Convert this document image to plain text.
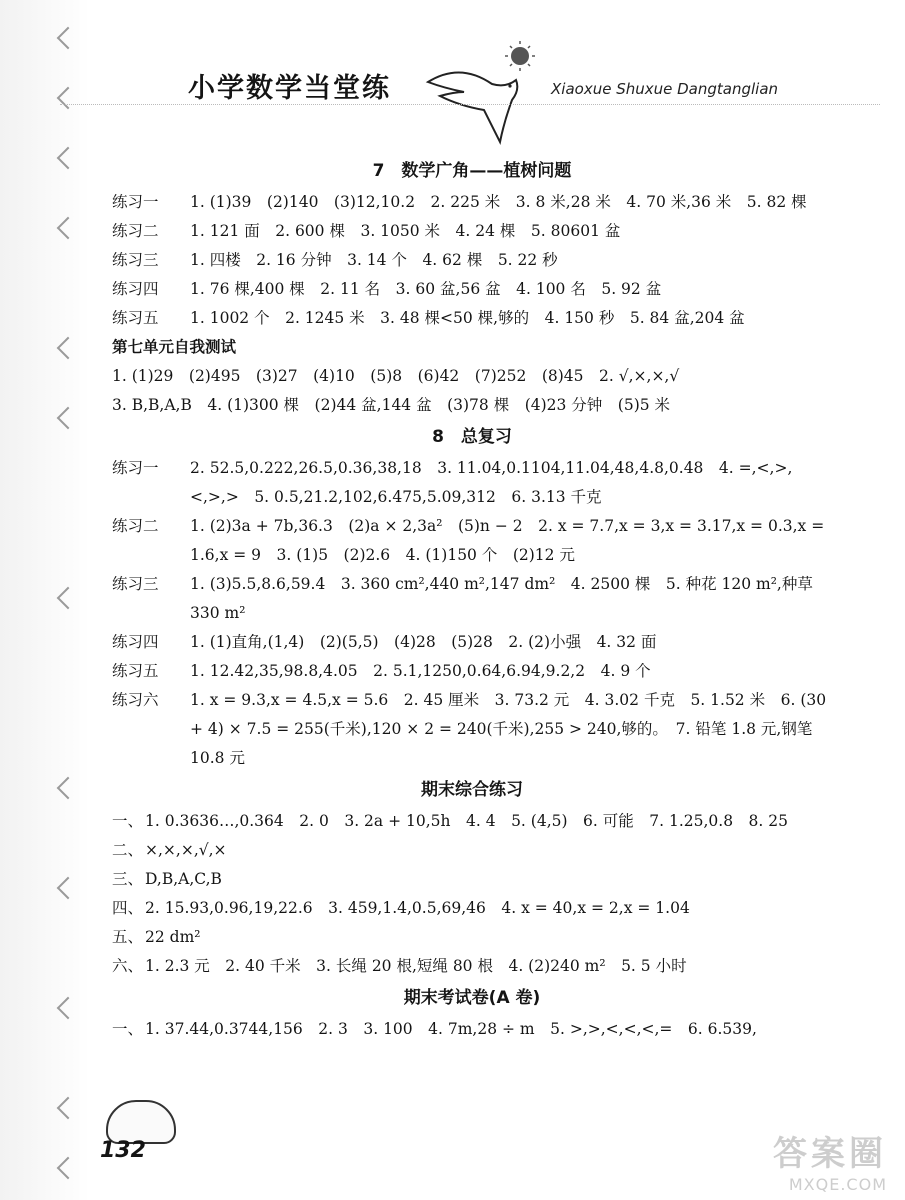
小学数学当堂练	Xiaoxue Shuxue Dangtanglian
7　数学广角——植树问题
练习一	1. (1)39　(2)140　(3)12,10.2　2. 225 米　3. 8 米,28 米　4. 70 米,36 米　5. 82 棵
练习二	1. 121 面　2. 600 棵　3. 1050 米　4. 24 棵　5. 80601 盆
练习三	1. 四楼　2. 16 分钟　3. 14 个　4. 62 棵　5. 22 秒
练习四	1. 76 棵,400 棵　2. 11 名　3. 60 盆,56 盆　4. 100 名　5. 92 盆
练习五	1. 1002 个　2. 1245 米　3. 48 棵<50 棵,够的　4. 150 秒　5. 84 盆,204 盆
第七单元自我测试
1. (1)29　(2)495　(3)27　(4)10　(5)8　(6)42　(7)252　(8)45　2. √,×,×,√
3. B,B,A,B　4. (1)300 棵　(2)44 盆,144 盆　(3)78 棵　(4)23 分钟　(5)5 米
8　总复习
练习一	2. 52.5,0.222,26.5,0.36,38,18　3. 11.04,0.1104,11.04,48,4.8,0.48　4. =,<,>,<,>,>　5. 0.5,21.2,102,6.475,5.09,312　6. 3.13 千克
练习二	1. (2)3a + 7b,36.3　(2)a × 2,3a²　(5)n − 2　2. x = 7.7,x = 3,x = 3.17,x = 0.3,x = 1.6,x = 9　3. (1)5　(2)2.6　4. (1)150 个　(2)12 元
练习三	1. (3)5.5,8.6,59.4　3. 360 cm²,440 m²,147 dm²　4. 2500 棵　5. 种花 120 m²,种草 330 m²
练习四	1. (1)直角,(1,4)　(2)(5,5)　(4)28　(5)28　2. (2)小强　4. 32 面
练习五	1. 12.42,35,98.8,4.05　2. 5.1,1250,0.64,6.94,9.2,2　4. 9 个
练习六	1. x = 9.3,x = 4.5,x = 5.6　2. 45 厘米　3. 73.2 元　4. 3.02 千克　5. 1.52 米　6. (30 + 4) × 7.5 = 255(千米),120 × 2 = 240(千米),255 > 240,够的。　7. 铅笔 1.8 元,钢笔 10.8 元
期末综合练习
一、 1. 0.3636…,0.364　2. 0　3. 2a + 10,5h　4. 4　5. (4,5)　6. 可能　7. 1.25,0.8　8. 25
二、 ×,×,×,√,×
三、 D,B,A,C,B
四、 2. 15.93,0.96,19,22.6　3. 459,1.4,0.5,69,46　4. x = 40,x = 2,x = 1.04
五、 22 dm²
六、 1. 2.3 元　2. 40 千米　3. 长绳 20 根,短绳 80 根　4. (2)240 m²　5. 5 小时
期末考试卷(A 卷)
一、 1. 37.44,0.3744,156　2. 3　3. 100　4. 7m,28 ÷ m　5. >,>,<,<,<,=　6. 6.539,
132	答案圈
MXQE.COM
